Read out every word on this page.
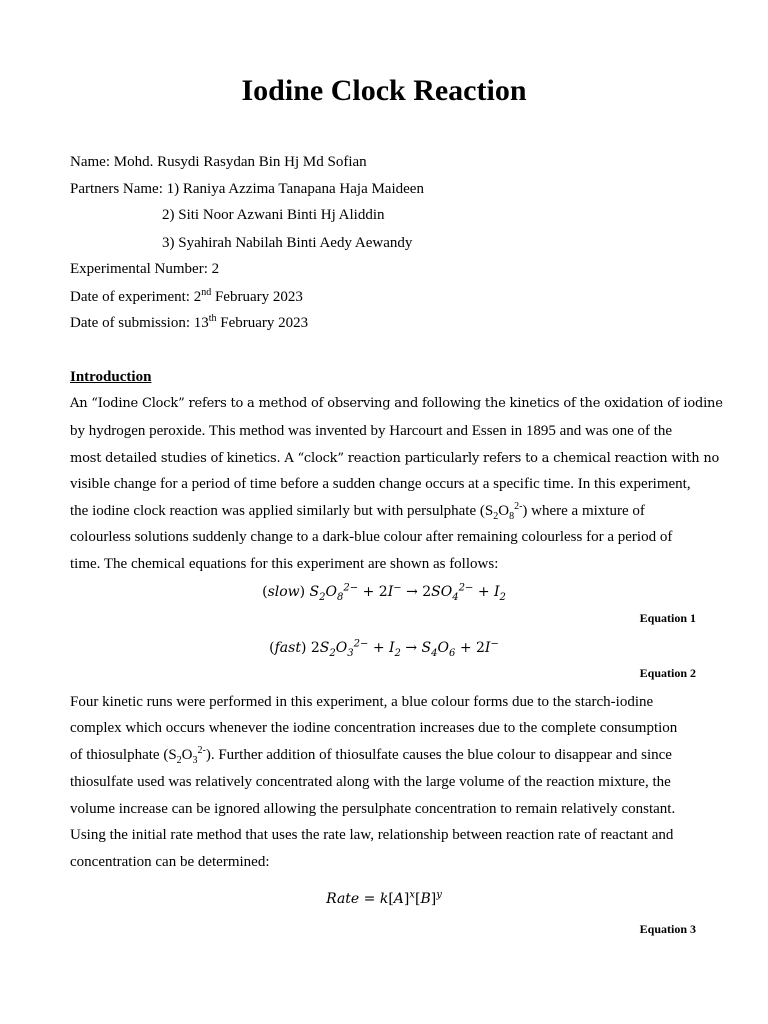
Iodine Clock Reaction
Name: Mohd. Rusydi Rasydan Bin Hj Md Sofian
Partners Name: 1) Raniya Azzima Tanapana Haja Maideen
2) Siti Noor Azwani Binti Hj Aliddin
3) Syahirah Nabilah Binti Aedy Aewandy
Experimental Number: 2
Date of experiment: 2nd February 2023
Date of submission: 13th February 2023
Introduction
An “Iodine Clock” refers to a method of observing and following the kinetics of the oxidation of iodine
by hydrogen peroxide. This method was invented by Harcourt and Essen in 1895 and was one of the
most detailed studies of kinetics. A “clock” reaction particularly refers to a chemical reaction with no
visible change for a period of time before a sudden change occurs at a specific time. In this experiment,
the iodine clock reaction was applied similarly but with persulphate $(S_2O_8^{2-})$ where a mixture of
colourless solutions suddenly change to a dark-blue colour after remaining colourless for a period of
time. The chemical equations for this experiment are shown as follows:
(slow) $S_2O_8^{2-} + 2I^- \to 2SO_4^{2-} + I_2$
Equation 1
(fast) $2S_2O_3^{2-} + I_2 \to S_4O_6 + 2I^-$
Equation 2
Four kinetic runs were performed in this experiment, a blue colour forms due to the starch-iodine
complex which occurs whenever the iodine concentration increases due to the complete consumption
of thiosulphate $(S_2O_3^{2-})$. Further addition of thiosulfate causes the blue colour to disappear and since
thiosulfate used was relatively concentrated along with the large volume of the reaction mixture, the
volume increase can be ignored allowing the persulphate concentration to remain relatively constant.
Using the initial rate method that uses the rate law, relationship between reaction rate of reactant and
concentration can be determined:
Rate = $k[A]^x[B]^y$
Equation 3
